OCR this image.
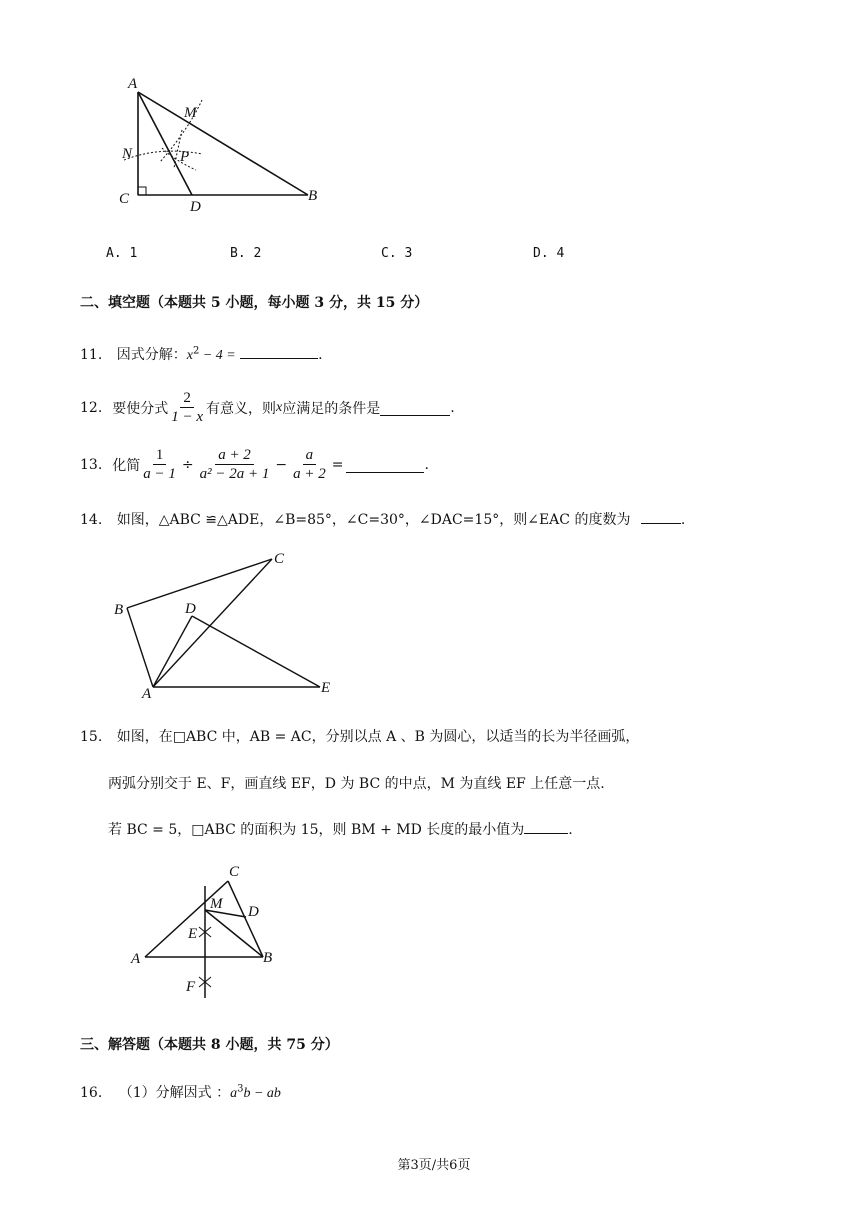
A
M
N	P
C	D
B
A. 1	B. 2	C. 3	D. 4
二、填空题（本题共 5 小题，每小题 3 分，共 15 分）
11. 因式分解：$x^2 - 4$ =	.
12. 要使分式 $\frac{2}{1 - x}$ 有意义，则 x 应满足的条件是	.
13. 化简 $\frac{1}{a - 1} \div \frac{a + 2}{\text{a² − 2a + 1}} - \frac{a}{a + 2}$ =	.
14. 如图，△ABC ≌△ADE，∠B=85°，∠C=30°，∠DAC=15°，则∠EAC 的度数为	.
B
C
D
A	E
15. 如图，在□ABC 中，AB = AC，分别以点 A 、B 为圆心，以适当的长为半径画弧，
两弧分别交于 E、F，画直线 EF，D 为 BC 的中点，M 为直线 EF 上任意一点.
若 BC = 5，□ABC 的面积为 15，则 BM + MD 长度的最小值为	.
C
M D
E
A	B
F
三、解答题（本题共 8 小题，共 75 分）
16. （1）分解因式 ：$a^3b$ − ab
第3页/共6页
